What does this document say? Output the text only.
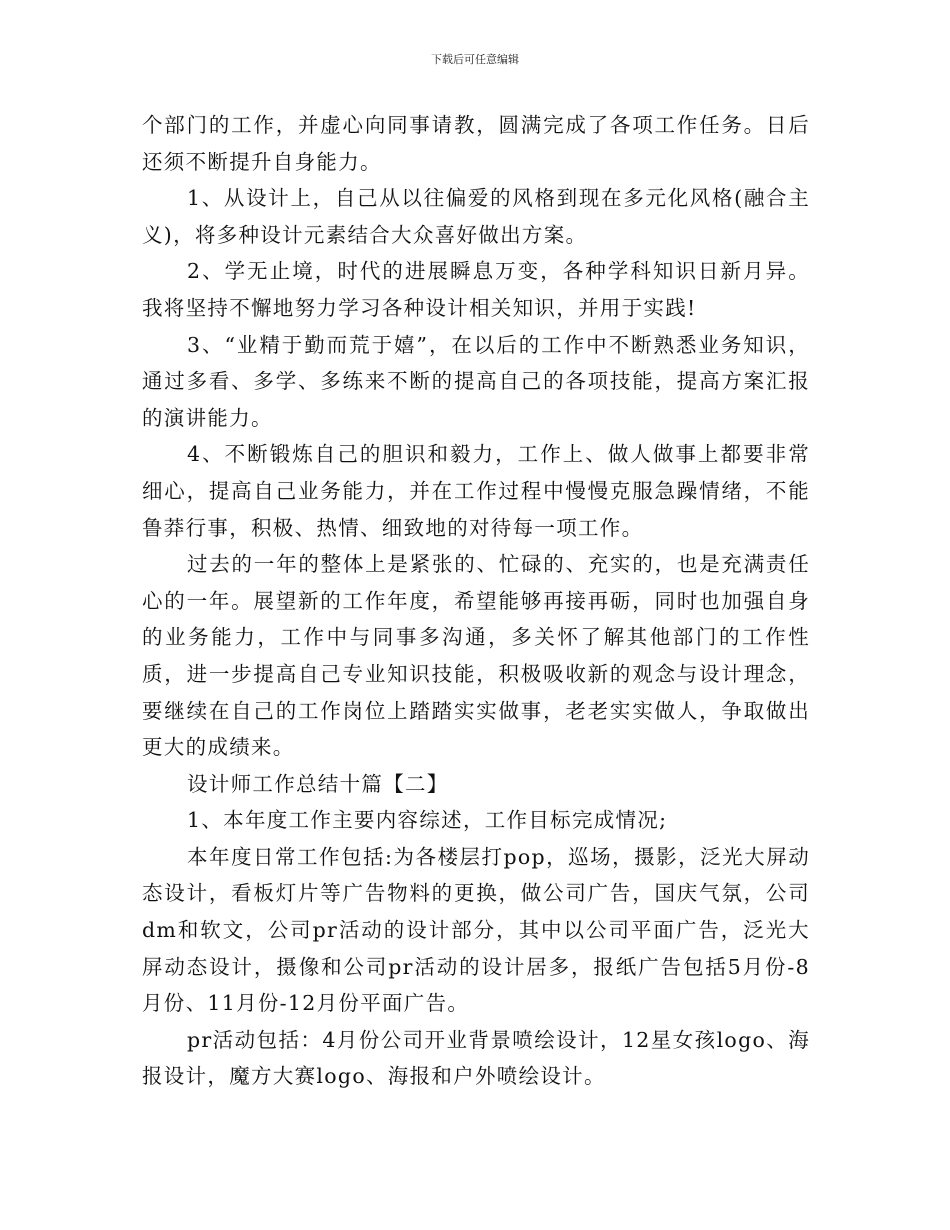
下载后可任意编辑

个部门的工作，并虚心向同事请教，圆满完成了各项工作任务。日后还须不断提升自身能力。

1、从设计上，自己从以往偏爱的风格到现在多元化风格(融合主义)，将多种设计元素结合大众喜好做出方案。

2、学无止境，时代的进展瞬息万变，各种学科知识日新月异。我将坚持不懈地努力学习各种设计相关知识，并用于实践!

3、“业精于勤而荒于嬉”，在以后的工作中不断熟悉业务知识，通过多看、多学、多练来不断的提高自己的各项技能，提高方案汇报的演讲能力。

4、不断锻炼自己的胆识和毅力，工作上、做人做事上都要非常细心，提高自己业务能力，并在工作过程中慢慢克服急躁情绪，不能鲁莽行事，积极、热情、细致地的对待每一项工作。

过去的一年的整体上是紧张的、忙碌的、充实的，也是充满责任心的一年。展望新的工作年度，希望能够再接再砺，同时也加强自身的业务能力，工作中与同事多沟通，多关怀了解其他部门的工作性质，进一步提高自己专业知识技能，积极吸收新的观念与设计理念，要继续在自己的工作岗位上踏踏实实做事，老老实实做人，争取做出更大的成绩来。

设计师工作总结十篇【二】

1、本年度工作主要内容综述，工作目标完成情况;

本年度日常工作包括:为各楼层打pop，巡场，摄影，泛光大屏动态设计，看板灯片等广告物料的更换，做公司广告，国庆气氛，公司dm和软文，公司pr活动的设计部分，其中以公司平面广告，泛光大屏动态设计，摄像和公司pr活动的设计居多，报纸广告包括5月份-8月份、11月份-12月份平面广告。

pr活动包括：4月份公司开业背景喷绘设计，12星女孩logo、海报设计，魔方大赛logo、海报和户外喷绘设计。
